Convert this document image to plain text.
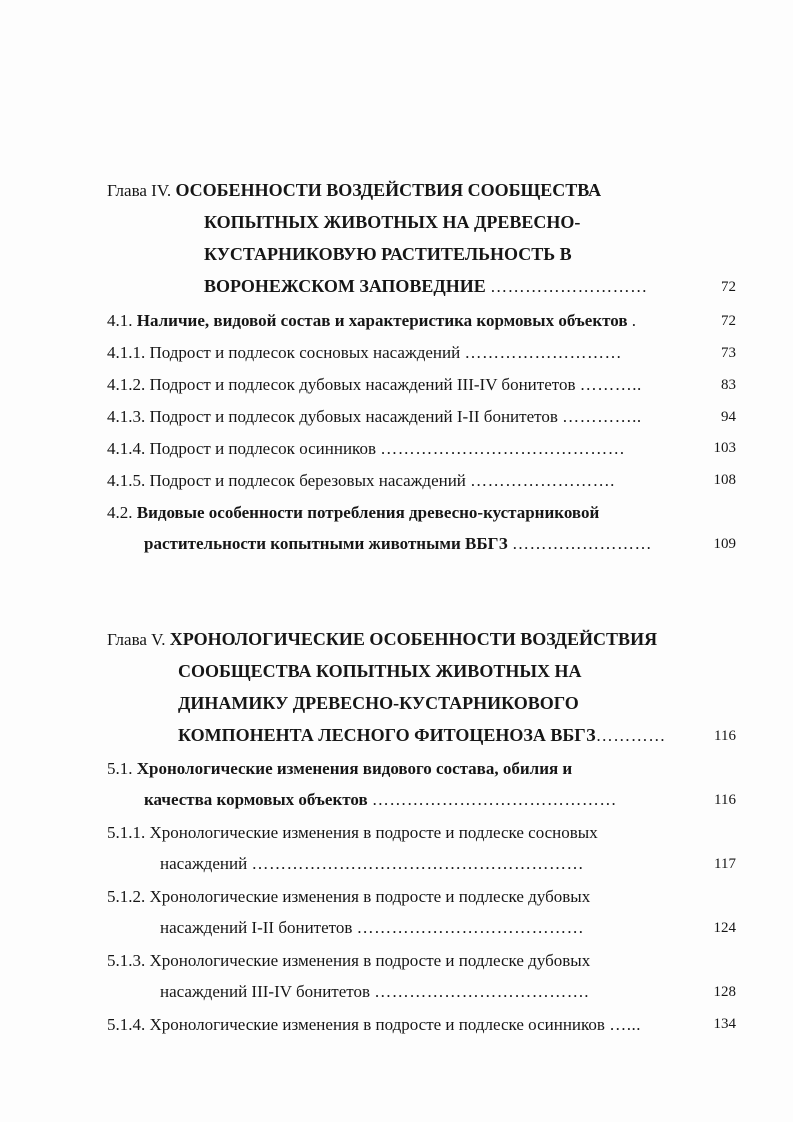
Глава IV. ОСОБЕННОСТИ ВОЗДЕЙСТВИЯ СООБЩЕСТВА
КОПЫТНЫХ ЖИВОТНЫХ НА ДРЕВЕСНО-
КУСТАРНИКОВУЮ РАСТИТЕЛЬНОСТЬ В
ВОРОНЕЖСКОМ ЗАПОВЕДНИЕ ………………………	72
4.1. Наличие, видовой состав и характеристика кормовых объектов .	72
4.1.1. Подрост и подлесок сосновых насаждений ………………………	73
4.1.2. Подрост и подлесок дубовых насаждений III-IV бонитетов ………..	83
4.1.3. Подрост и подлесок дубовых насаждений I-II бонитетов …………..	94
4.1.4. Подрост и подлесок осинников ……………………………………	103
4.1.5. Подрост и подлесок березовых насаждений …………………….	108
4.2. Видовые особенности потребления древесно-кустарниковой
растительности копытными животными ВБГЗ ……………………	109
Глава V. ХРОНОЛОГИЧЕСКИЕ ОСОБЕННОСТИ ВОЗДЕЙСТВИЯ
СООБЩЕСТВА КОПЫТНЫХ ЖИВОТНЫХ НА
ДИНАМИКУ ДРЕВЕСНО-КУСТАРНИКОВОГО
КОМПОНЕНТА ЛЕСНОГО ФИТОЦЕНОЗА ВБГЗ…………	116
5.1. Хронологические изменения видового состава, обилия и
качества кормовых объектов ……………………………………	116
5.1.1. Хронологические изменения в подросте и подлеске сосновых
насаждений …………………………………………………	117
5.1.2. Хронологические изменения в подросте и подлеске дубовых
насаждений I-II бонитетов …………………………………	124
5.1.3. Хронологические изменения в подросте и подлеске дубовых
насаждений III-IV бонитетов ……………………………….	128
5.1.4. Хронологические изменения в подросте и подлеске осинников …...	134
